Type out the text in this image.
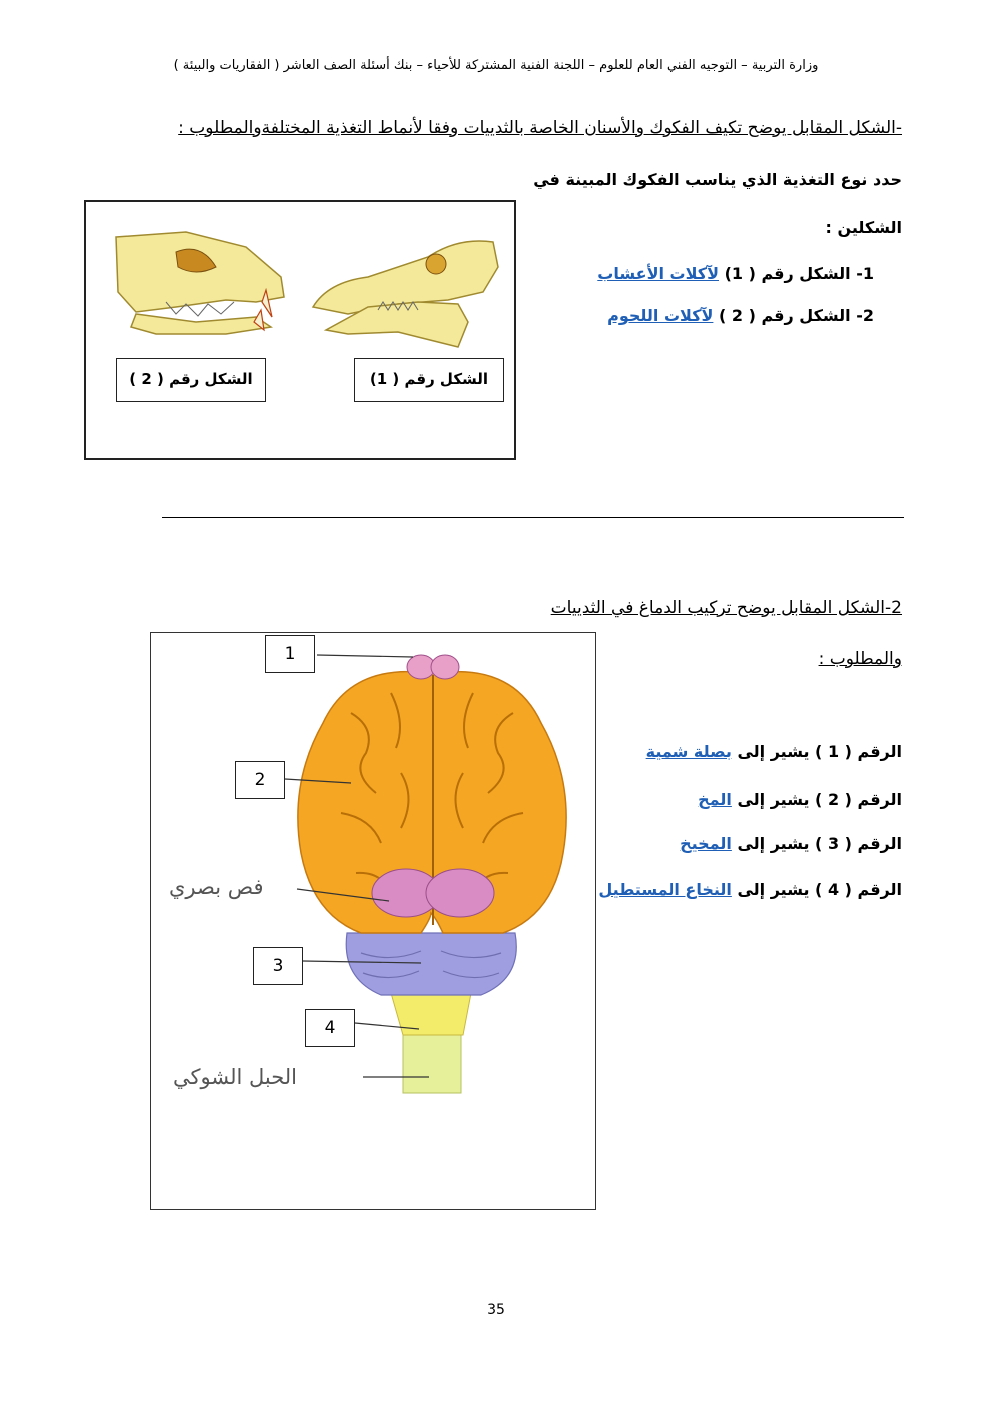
وزارة التربية – التوجيه الفني العام للعلوم – اللجنة الفنية المشتركة للأحياء – بنك أسئلة الصف العاشر ( الفقاريات والبيئة )
-الشكل المقابل يوضح تكيف الفكوك والأسنان الخاصة بالثدييات وفقا لأنماط التغذية المختلفةوالمطلوب :
حدد نوع التغذية الذي يناسب الفكوك المبينة في
الشكلين :
1- الشكل رقم ( 1) لآكلات الأعشاب
2- الشكل رقم ( 2 ) لآكلات اللحوم
الشكل رقم ( 1)
الشكل رقم ( 2 )
2-الشكل المقابل يوضح تركيب الدماغ في الثدييات
والمطلوب :
الرقم ( 1 ) يشير إلى بصلة شمية
الرقم ( 2 ) يشير إلى المخ
الرقم ( 3 ) يشير إلى المخيخ
الرقم ( 4 ) يشير إلى النخاع المستطيل
1
2
3
4
فص بصري
الحبل الشوكي
35
